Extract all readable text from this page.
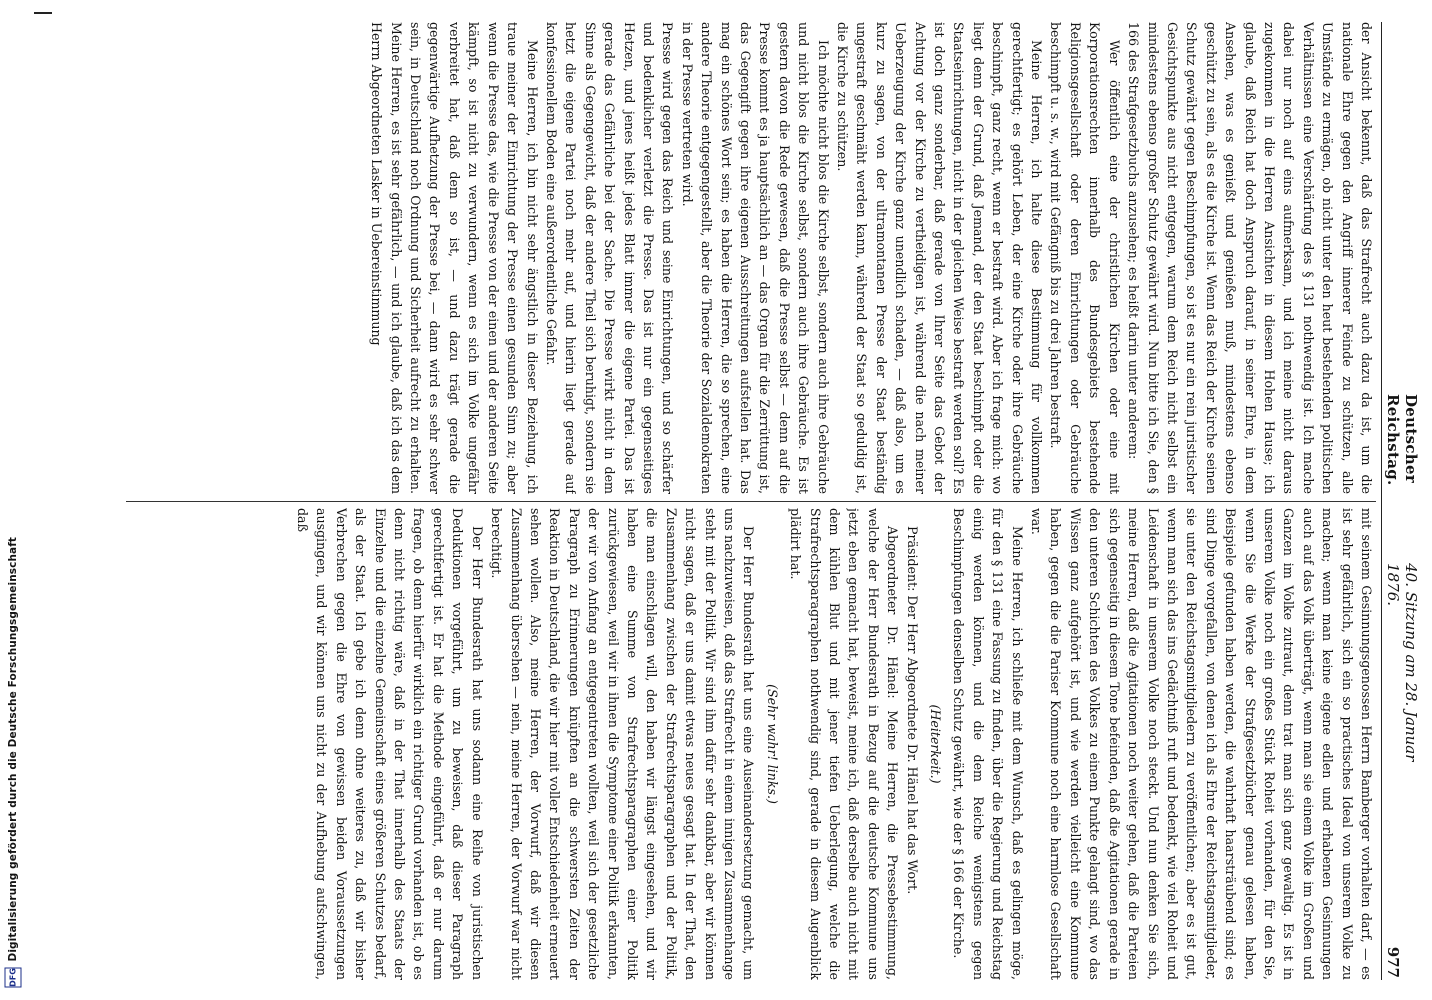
Digitalisierung gefördert durch die Deutsche Forschungsgemeinschaft
DFG
Deutscher Reichstag.
40. Sitzung am 28. Januar 1876.
977

der Ansicht bekennt, daß das Strafrecht auch dazu da ist, um die nationale Ehre gegen den Angriff innerer Feinde zu schützen, alle Umstände zu ermägen, ob nicht unter den heut bestehenden politischen Verhältnissen eine Verschärfung des § 131 nothwendig ist. Ich mache dabei nur noch auf eins aufmerksam, und ich meine nicht daraus zugekommen in die Herren Ansichten in diesem Hohen Hause; ich glaube, daß Reich hat doch Anspruch darauf, in seiner Ehre, in dem Ansehen, was es genießt und genießen muß, mindestens ebenso geschützt zu sein, als es die Kirche ist. Wenn das Reich der Kirche seinen Schutz gewährt gegen Beschimpfungen, so ist es nur ein rein juristischer Gesichtspunkte aus nicht entgegen, warum dem Reich nicht selbst ein mindestens ebenso großer Schutz gewährt wird. Nun bitte ich Sie, den § 166 des Strafgesetzbuchs anzusehen; es heißt darin unter anderem:

Wer öffentlich eine der christlichen Kirchen oder eine mit Korporationsrechten innerhalb des Bundesgebiets bestehende Religionsgesellschaft oder deren Einrichtungen oder Gebräuche beschimpft u. s. w., wird mit Gefängniß bis zu drei Jahren bestraft.

Meine Herren, ich halte diese Bestimmung für vollkommen gerechtfertigt; es gehört Leben, der eine Kirche oder ihre Gebräuche beschimpft, ganz recht, wenn er bestraft wird. Aber ich frage mich: wo liegt denn der Grund, daß Jemand, der den Staat beschimpft oder die Staatseinrichtungen, nicht in der gleichen Weise bestraft werden soll? Es ist doch ganz sonderbar, daß gerade von Ihrer Seite das Gebot der Achtung vor der Kirche zu vertheidigen ist, während die nach meiner Ueberzeugung der Kirche ganz unendlich schaden, — daß also, um es kurz zu sagen, von der ultramontanen Presse der Staat beständig ungestraft geschmäht werden kann, während der Staat so geduldig ist, die Kirche zu schützen.

Ich möchte nicht blos die Kirche selbst, sondern auch ihre Gebräuche und nicht blos die Kirche selbst, sondern auch ihre Gebräuche. Es ist gestern davon die Rede gewesen, daß die Presse selbst — denn auf die Presse kommt es ja hauptsächlich an — das Organ für die Zerrüttung ist, das Gegengift gegen ihre eigenen Ausschreitungen aufstellen hat. Das mag ein schönes Wort sein; es haben die Herren, die so sprechen, eine andere Theorie entgegengestellt, aber die Theorie der Sozialdemokraten in der Presse vertreten wird.

Presse wird gegen das Reich und seine Einrichtungen, und so schärfer und bedenklicher verletzt die Presse. Das ist nur ein gegenseitiges Hetzen, und jenes heißt jedes Blatt immer die eigene Partei. Das ist gerade das Gefährliche bei der Sache. Die Presse wirkt nicht in dem Sinne als Gegengewicht, daß der andere Theil sich beruhigt, sondern sie hetzt die eigene Partei noch mehr auf, und hierin liegt gerade auf konfessionellem Boden eine außerordentliche Gefahr.

Meine Herren, ich bin nicht sehr ängstlich in dieser Beziehung, ich traue meiner der Einrichtung der Presse einen gesunden Sinn zu; aber wenn die Presse das, wie die Presse von der einen und der anderen Seite kämpft, so ist nicht zu verwundern, wenn es sich im Volke ungefähr verbreitet hat, daß dem so ist, — und dazu trägt gerade die gegenwärtige Aufhetzung der Presse bei, — dann wird es sehr schwer sein, in Deutschland noch Ordnung und Sicherheit aufrecht zu erhalten. Meine Herren, es ist sehr gefährlich, — und ich glaube, daß ich das dem Herrn Abgeordneten Lasker in Uebereinstimmung

mit seinem Gesinnungsgenossen Herrn Bamberger vorhalten darf, — es ist sehr gefährlich, sich ein so practisches Ideal von unserem Volke zu machen; wenn man keine eigene edlen und erhabenen Gesinnungen auch auf das Volk überträgt, wenn man sie einem Volke im Großen und Ganzen im Volke zutraut, denn trat man sich ganz gewaltig. Es ist in unserem Volke noch ein großes Stück Roheit vorhanden, für den Sie, wenn Sie die Werke der Strafgesetzbücher genau gelesen haben, Beispiele gefunden haben werden, die wahrhaft haarsträubend sind; es sind Dinge vorgefallen, von denen ich als Ehre der Reichstagsmitglieder, sie unter den Reichstagsmitgliedern zu veröffentlichen; aber es ist gut, wenn man sich das ins Gedächtniß ruft und bedenkt, wie viel Roheit und Leidenschaft in unserem Volke noch steckt. Und nun denken Sie sich, meine Herren, daß die Agitationen noch weiter gehen, daß die Parteien sich gegenseitig in diesem Tone befeinden, daß die Agitationen gerade in den unteren Schichten des Volkes zu einem Punkte gelangt sind, wo das Wissen ganz aufgehört ist, und wie werden vielleicht eine Kommune haben, gegen die die Pariser Kommune noch eine harmlose Gesellschaft war.

Meine Herren, ich schließe mit dem Wunsch, daß es gelingen möge, für den § 131 eine Fassung zu finden, über die Regierung und Reichstag einig werden können, und die dem Reiche wenigstens gegen Beschimpfungen denselben Schutz gewährt, wie der § 166 der Kirche.

(Heiterkeit.)

Präsident: Der Herr Abgeordnete Dr. Hänel hat das Wort.

Abgeordneter Dr. Hänel: Meine Herren, die Pressebestimmung, welche der Herr Bundesrath in Bezug auf die deutsche Kommune uns jetzt eben gemacht hat, beweist, meine ich, daß derselbe auch nicht mit dem kühlen Blut und mit jener tiefen Ueberlegung, welche die Strafrechtsparagraphen nothwendig sind, gerade in diesem Augenblick plädirt hat.

(Sehr wahr! links.)

Der Herr Bundesrath hat uns eine Auseinandersetzung gemacht, um uns nachzuweisen, daß das Strafrecht in einem innigen Zusammenhange steht mit der Politik. Wir sind ihm dafür sehr dankbar, aber wir können nicht sagen, daß er uns damit etwas neues gesagt hat. In der That, den Zusammenhang zwischen der Strafrechtsparagraphen und der Politik, die man einschlagen will, den haben wir längst eingesehen, und wir haben eine Summe von Strafrechtsparagraphen einer Politik zurückgewiesen, weil wir in ihnen die Symptome einer Politik erkannten, der wir von Anfang an entgegentreten wollten, weil sich der gesetzliche Paragraph zu Erinnerungen knüpften an die schwersten Zeiten der Reaktion in Deutschland, die wir hier mit voller Entschiedenheit erneuert sehen wollen. Also, meine Herren, der Vorwurf, daß wir diesen Zusammenhang übersehen — nein, meine Herren, der Vorwurf war nicht berechtigt.

Der Herr Bundesrath hat uns sodann eine Reihe von juristischen Deduktionen vorgeführt, um zu beweisen, daß dieser Paragraph gerechtfertigt ist. Er hat die Methode eingeführt, daß er nur darum fragen, ob denn hierfür wirklich ein richtiger Grund vorhanden ist, ob es denn nicht richtig wäre, daß in der That innerhalb des Staats der Einzelne und die einzelne Gemeinschaft eines größeren Schutzes bedarf, als der Staat. Ich gebe ich denn ohne weiteres zu, daß wir bisher Verbrechen gegen die Ehre von gewissen beiden Voraussetzungen ausgingen, und wir können uns nicht zu der Aufhebung aufschwingen, daß
